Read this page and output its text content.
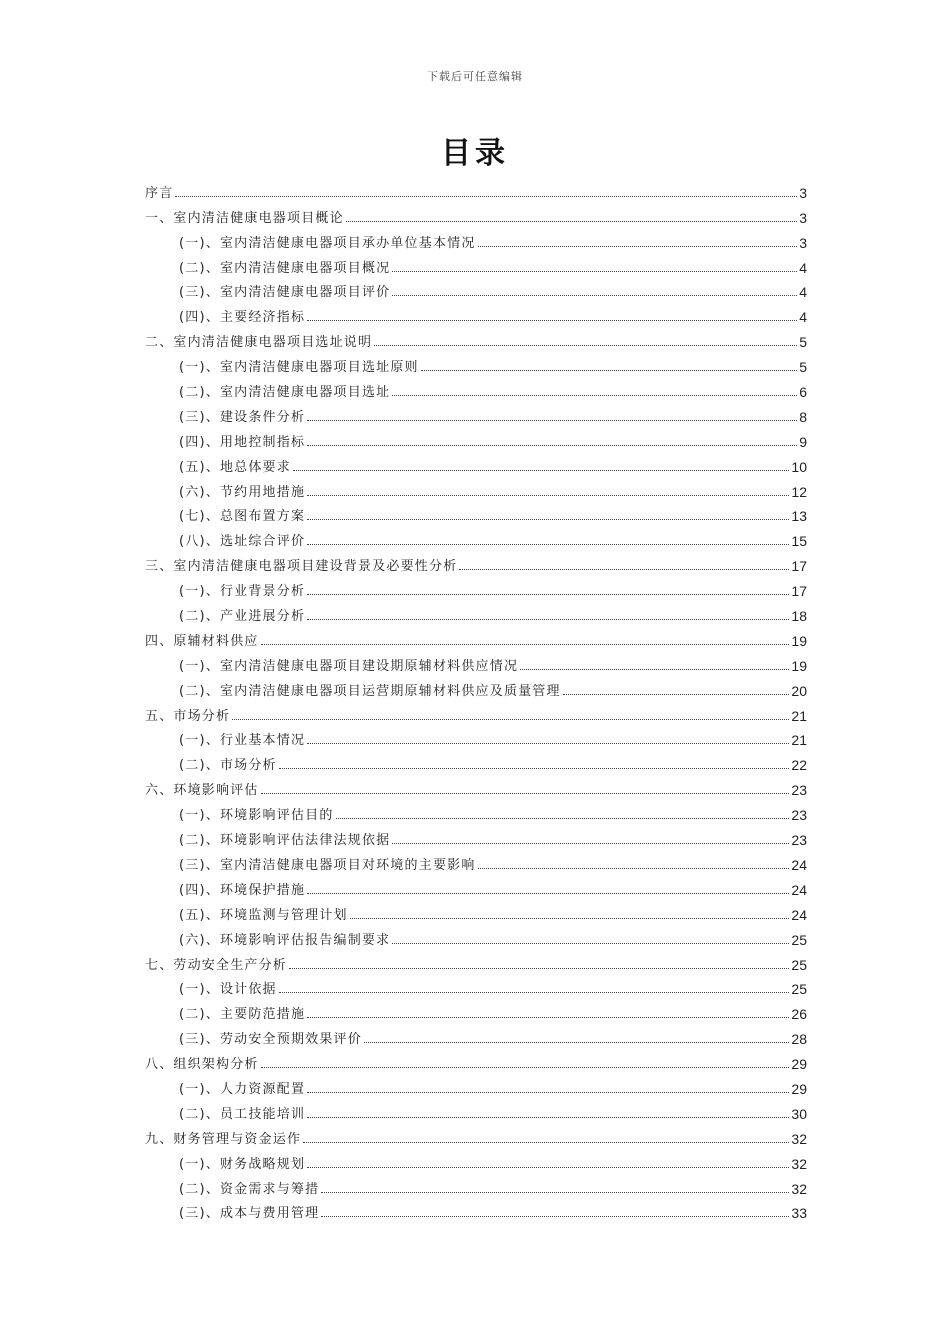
下载后可任意编辑
目录
序言	3
一、室内清洁健康电器项目概论	3
(一)、室内清洁健康电器项目承办单位基本情况	3
(二)、室内清洁健康电器项目概况	4
(三)、室内清洁健康电器项目评价	4
(四)、主要经济指标	4
二、室内清洁健康电器项目选址说明	5
(一)、室内清洁健康电器项目选址原则	5
(二)、室内清洁健康电器项目选址	6
(三)、建设条件分析	8
(四)、用地控制指标	9
(五)、地总体要求	10
(六)、节约用地措施	12
(七)、总图布置方案	13
(八)、选址综合评价	15
三、室内清洁健康电器项目建设背景及必要性分析	17
(一)、行业背景分析	17
(二)、产业进展分析	18
四、原辅材料供应	19
(一)、室内清洁健康电器项目建设期原辅材料供应情况	19
(二)、室内清洁健康电器项目运营期原辅材料供应及质量管理	20
五、市场分析	21
(一)、行业基本情况	21
(二)、市场分析	22
六、环境影响评估	23
(一)、环境影响评估目的	23
(二)、环境影响评估法律法规依据	23
(三)、室内清洁健康电器项目对环境的主要影响	24
(四)、环境保护措施	24
(五)、环境监测与管理计划	24
(六)、环境影响评估报告编制要求	25
七、劳动安全生产分析	25
(一)、设计依据	25
(二)、主要防范措施	26
(三)、劳动安全预期效果评价	28
八、组织架构分析	29
(一)、人力资源配置	29
(二)、员工技能培训	30
九、财务管理与资金运作	32
(一)、财务战略规划	32
(二)、资金需求与筹措	32
(三)、成本与费用管理	33
